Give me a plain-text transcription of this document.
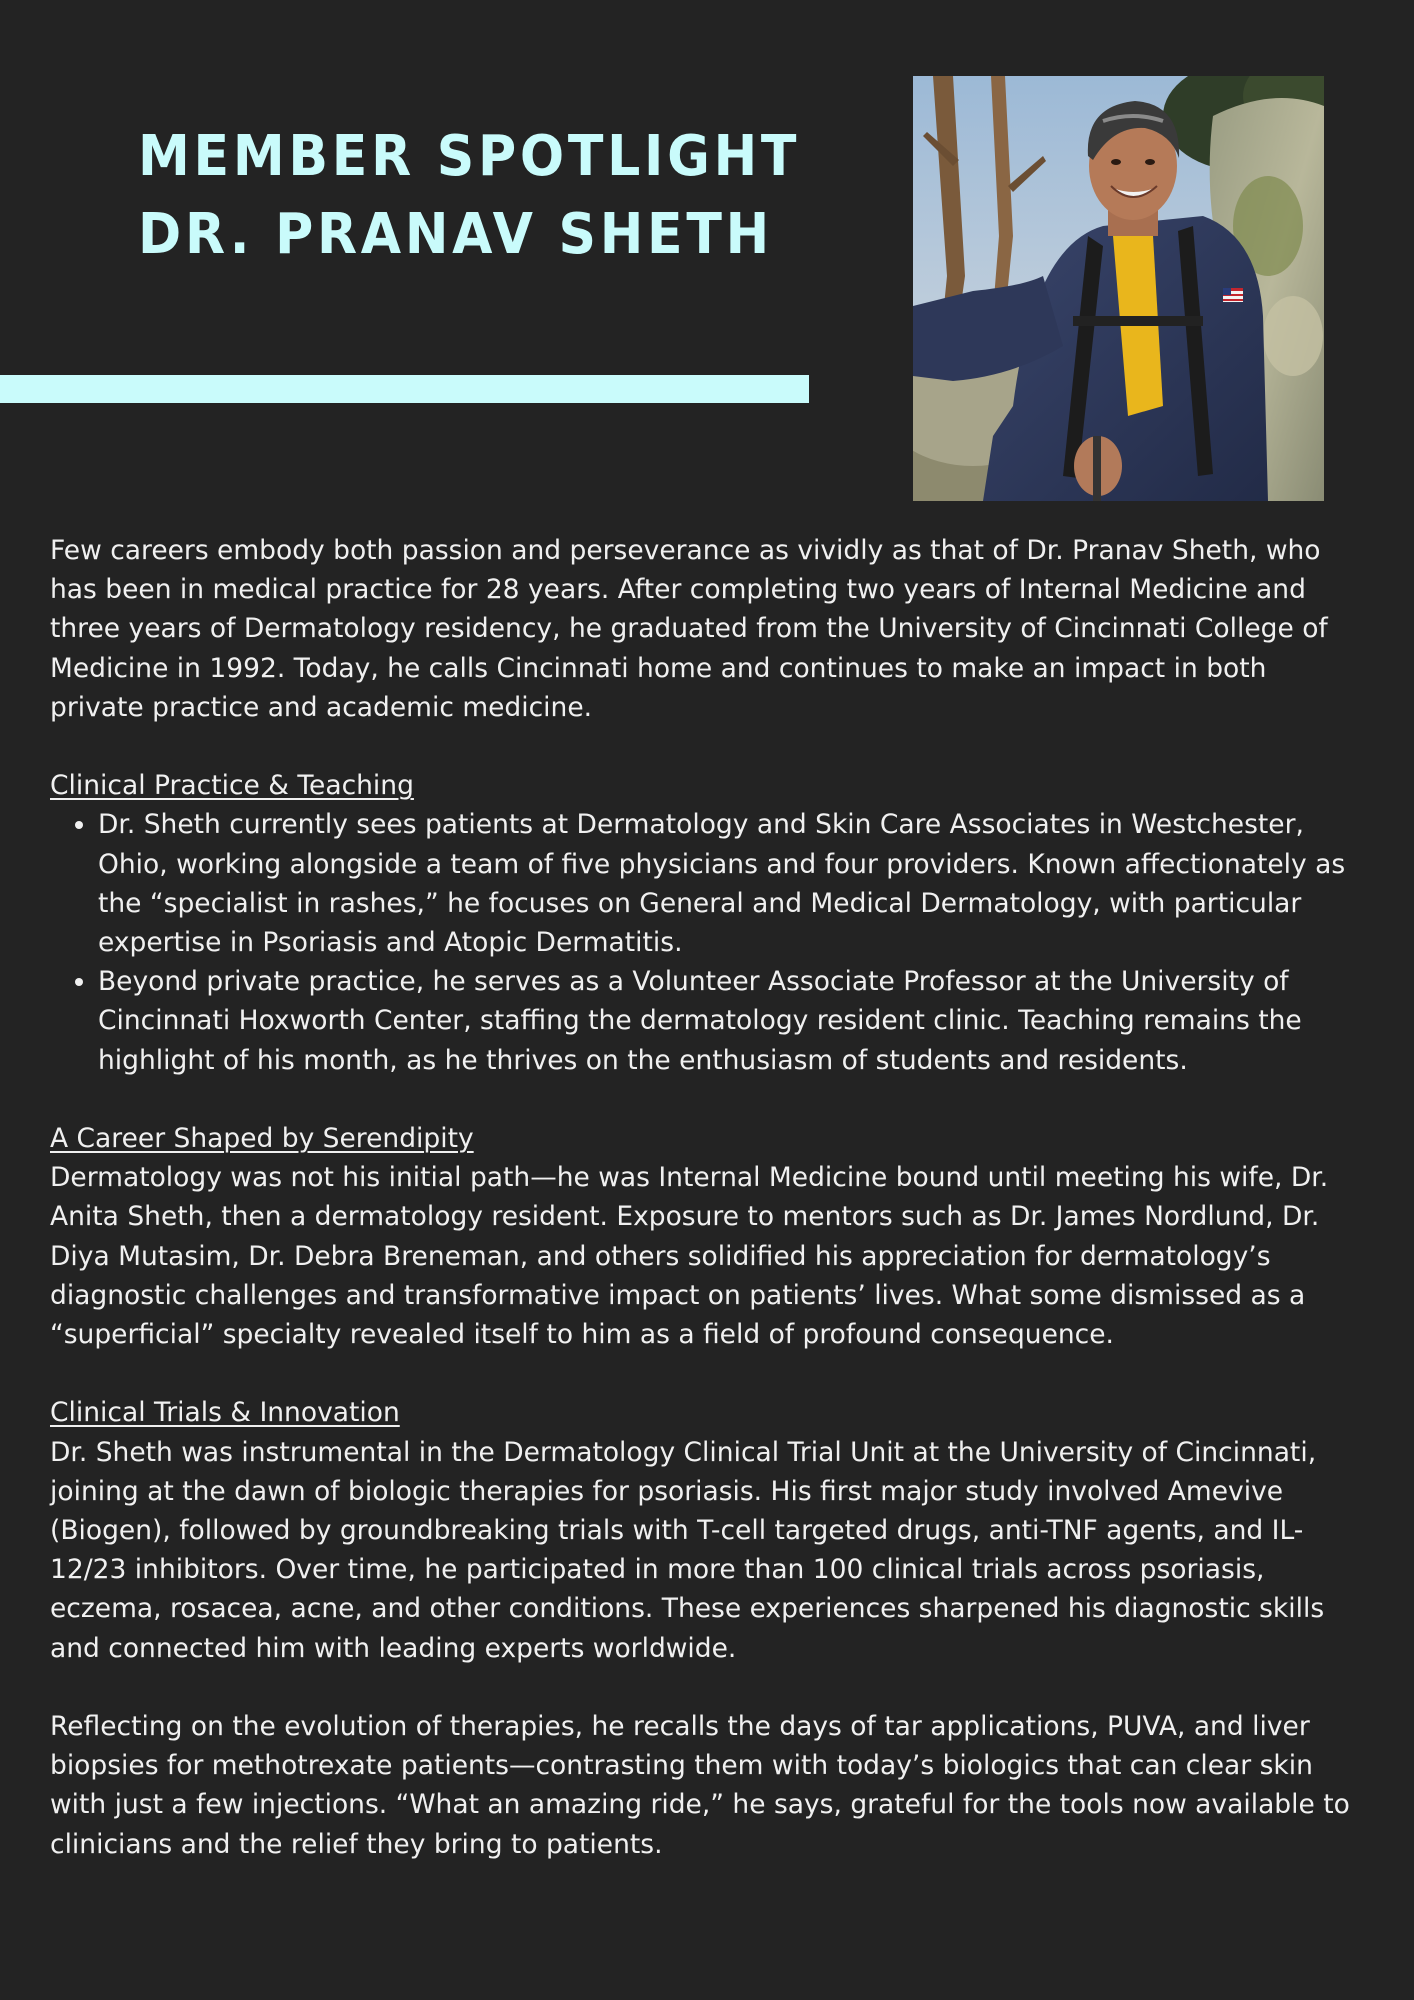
MEMBER SPOTLIGHT
DR. PRANAV SHETH

Few careers embody both passion and perseverance as vividly as that of Dr. Pranav Sheth, who has been in medical practice for 28 years. After completing two years of Internal Medicine and three years of Dermatology residency, he graduated from the University of Cincinnati College of Medicine in 1992. Today, he calls Cincinnati home and continues to make an impact in both private practice and academic medicine.

Clinical Practice & Teaching

• Dr. Sheth currently sees patients at Dermatology and Skin Care Associates in Westchester, Ohio, working alongside a team of five physicians and four providers. Known affectionately as the “specialist in rashes,” he focuses on General and Medical Dermatology, with particular expertise in Psoriasis and Atopic Dermatitis.
• Beyond private practice, he serves as a Volunteer Associate Professor at the University of Cincinnati Hoxworth Center, staffing the dermatology resident clinic. Teaching remains the highlight of his month, as he thrives on the enthusiasm of students and residents.

A Career Shaped by Serendipity

Dermatology was not his initial path—he was Internal Medicine bound until meeting his wife, Dr. Anita Sheth, then a dermatology resident. Exposure to mentors such as Dr. James Nordlund, Dr. Diya Mutasim, Dr. Debra Breneman, and others solidified his appreciation for dermatology’s diagnostic challenges and transformative impact on patients’ lives. What some dismissed as a “superficial” specialty revealed itself to him as a field of profound consequence.

Clinical Trials & Innovation

Dr. Sheth was instrumental in the Dermatology Clinical Trial Unit at the University of Cincinnati, joining at the dawn of biologic therapies for psoriasis. His first major study involved Amevive (Biogen), followed by groundbreaking trials with T-cell targeted drugs, anti-TNF agents, and IL-12/23 inhibitors. Over time, he participated in more than 100 clinical trials across psoriasis, eczema, rosacea, acne, and other conditions. These experiences sharpened his diagnostic skills and connected him with leading experts worldwide.

Reflecting on the evolution of therapies, he recalls the days of tar applications, PUVA, and liver biopsies for methotrexate patients—contrasting them with today’s biologics that can clear skin with just a few injections. “What an amazing ride,” he says, grateful for the tools now available to clinicians and the relief they bring to patients.
